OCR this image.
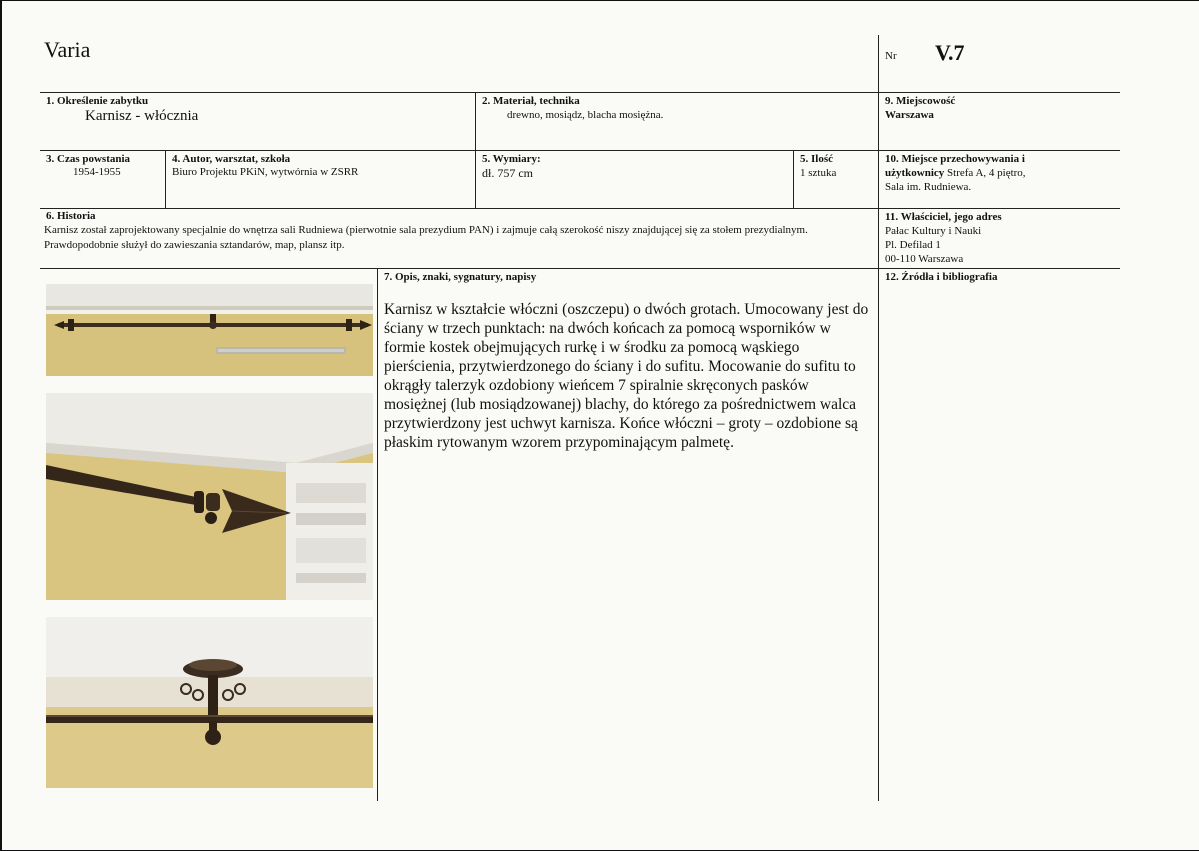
Varia	Nr V.7
1. Określenie zabytku
Karnisz - włócznia
2. Materiał, technika
drewno, mosiądz, blacha mosiężna.
9. Miejscowość
Warszawa
3. Czas powstania
1954-1955
4. Autor, warsztat, szkoła
Biuro Projektu PKiN, wytwórnia w ZSRR
5. Wymiary:
dł. 757 cm
5. Ilość
1 sztuka
10. Miejsce przechowywania i
użytkownicy Strefa A, 4 piętro,
Sala im. Rudniewa.
6. Historia
Karnisz został zaprojektowany specjalnie do wnętrza sali Rudniewa (pierwotnie sala prezydium PAN) i zajmuje całą szerokość niszy znajdującej się za stołem prezydialnym. Prawdopodobnie służył do zawieszania sztandarów, map, plansz itp.
11. Właściciel, jego adres
Pałac Kultury i Nauki
Pl. Defilad 1
00-110 Warszawa
7. Opis, znaki, sygnatury, napisy
Karnisz w kształcie włóczni (oszczepu) o dwóch grotach. Umocowany jest do ściany w trzech punktach: na dwóch końcach za pomocą wsporników w formie kostek obejmujących rurkę i w środku za pomocą wąskiego pierścienia, przytwierdzonego do ściany i do sufitu. Mocowanie do sufitu to okrągły talerzyk ozdobiony wieńcem 7 spiralnie skręconych pasków mosiężnej (lub mosiądzowanej) blachy, do którego za pośrednictwem walca przytwierdzony jest uchwyt karnisza. Końce włóczni – groty – ozdobione są płaskim rytowanym wzorem przypominającym palmetę.
12. Źródła i bibliografia
